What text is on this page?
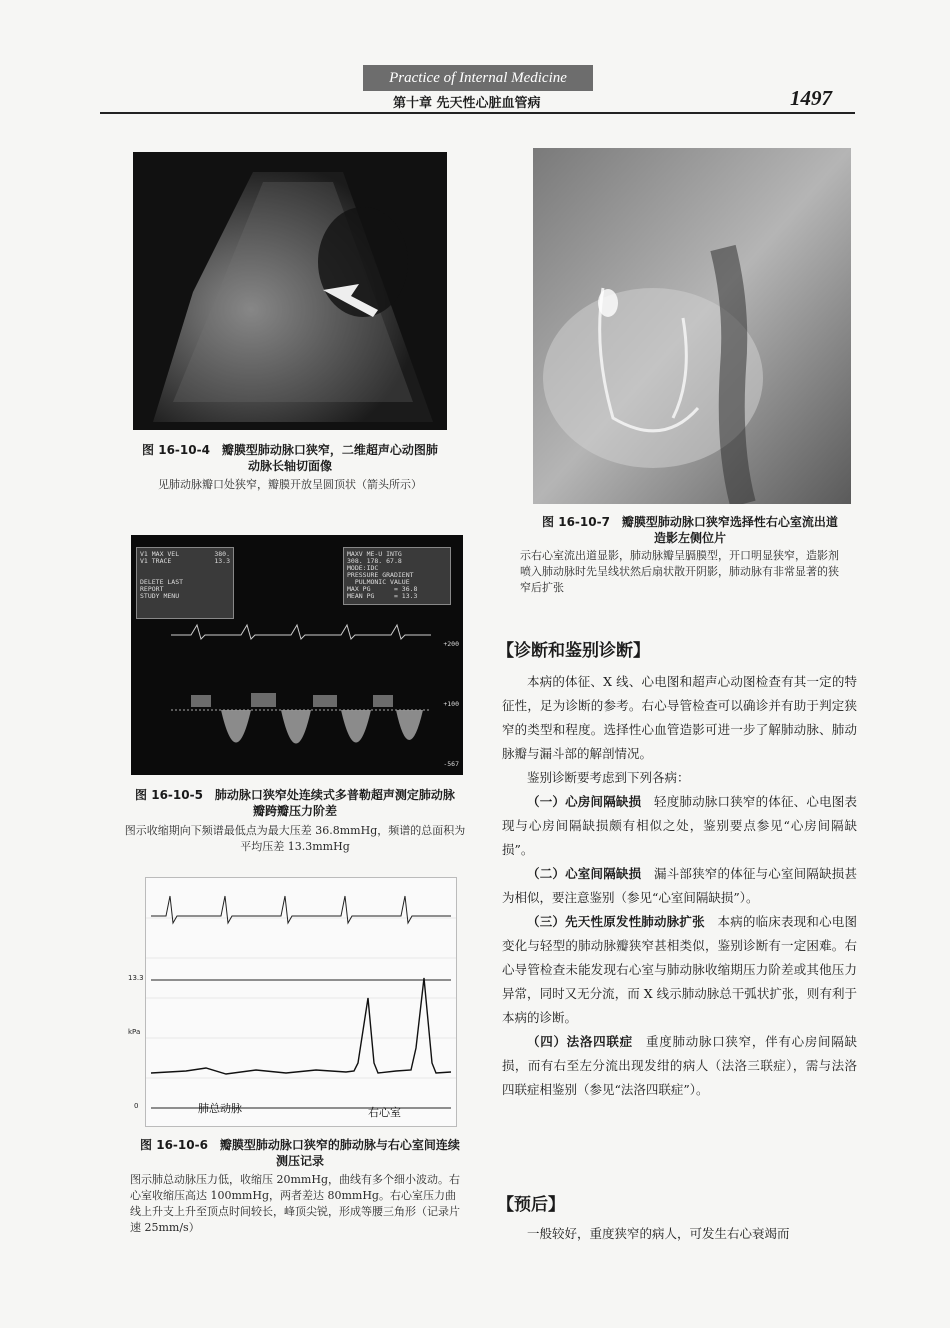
Practice of Internal Medicine
第十章 先天性心脏血管病	1497
图 16-10-4　瓣膜型肺动脉口狭窄，二维超声心动图肺动脉长轴切面像
见肺动脉瓣口处狭窄，瓣膜开放呈圆顶状（箭头所示）
V1 MAX VEL
V1 TRACE

DELETE LAST
REPORT
STUDY MENU
380.
13.3
MAXV ME-U INTG
308. 178. 67.8
MODE:IDC
PRESSURE GRADIENT
PULMONIC VALUE
MAX PG      = 36.8
MEAN PG     = 13.3
+200
+100
-567
图 16-10-5　肺动脉口狭窄处连续式多普勒超声测定肺动脉瓣跨瓣压力阶差
图示收缩期向下频谱最低点为最大压差 36.8mmHg，频谱的总面积为平均压差 13.3mmHg
13.3
kPa
0	肺总动脉	右心室
图 16-10-6　瓣膜型肺动脉口狭窄的肺动脉与右心室间连续测压记录
图示肺总动脉压力低，收缩压 20mmHg，曲线有多个细小波动。右心室收缩压高达 100mmHg，两者差达 80mmHg。右心室压力曲线上升支上升至顶点时间较长，峰顶尖锐，形成等腰三角形（记录片速 25mm/s）
图 16-10-7　瓣膜型肺动脉口狭窄选择性右心室流出道造影左侧位片
示右心室流出道显影，肺动脉瓣呈膈膜型，开口明显狭窄，造影剂喷入肺动脉时先呈线状然后扇状散开阴影，肺动脉有非常显著的狭窄后扩张
【诊断和鉴别诊断】

本病的体征、X 线、心电图和超声心动图检查有其一定的特征性，足为诊断的参考。右心导管检查可以确诊并有助于判定狭窄的类型和程度。选择性心血管造影可进一步了解肺动脉、肺动脉瓣与漏斗部的解剖情况。

鉴别诊断要考虑到下列各病：

（一）心房间隔缺损　轻度肺动脉口狭窄的体征、心电图表现与心房间隔缺损颇有相似之处，鉴别要点参见“心房间隔缺损”。

（二）心室间隔缺损　漏斗部狭窄的体征与心室间隔缺损甚为相似，要注意鉴别（参见“心室间隔缺损”）。

（三）先天性原发性肺动脉扩张　本病的临床表现和心电图变化与轻型的肺动脉瓣狭窄甚相类似，鉴别诊断有一定困难。右心导管检查未能发现右心室与肺动脉收缩期压力阶差或其他压力异常，同时又无分流，而 X 线示肺动脉总干弧状扩张，则有利于本病的诊断。

（四）法洛四联症　重度肺动脉口狭窄，伴有心房间隔缺损，而有右至左分流出现发绀的病人（法洛三联症），需与法洛四联症相鉴别（参见“法洛四联症”）。

【预后】

一般较好，重度狭窄的病人，可发生右心衰竭而
